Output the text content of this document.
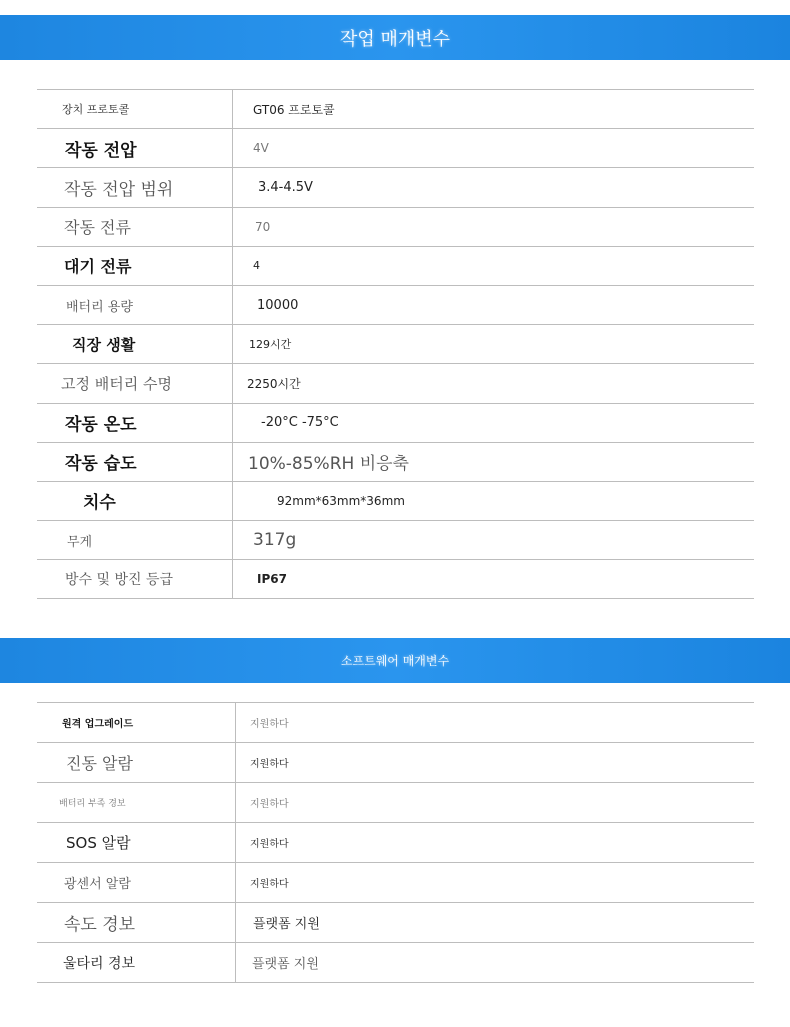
작업 매개변수
장치 프로토콜	GT06 프로토콜
작동 전압	4V
작동 전압 범위	3.4-4.5V
작동 전류	70
대기 전류	4
배터리 용량	10000
직장 생활	129시간
고정 배터리 수명	2250시간
작동 온도	-20°C -75°C
작동 습도	10%-85%RH 비응축
치수	92mm*63mm*36mm
무게	317g
방수 및 방진 등급	IP67
소프트웨어 매개변수
원격 업그레이드	지원하다
진동 알람	지원하다
배터리 부족 경보	지원하다
SOS 알람	지원하다
광센서 알람	지원하다
속도 경보	플랫폼 지원
울타리 경보	플랫폼 지원
